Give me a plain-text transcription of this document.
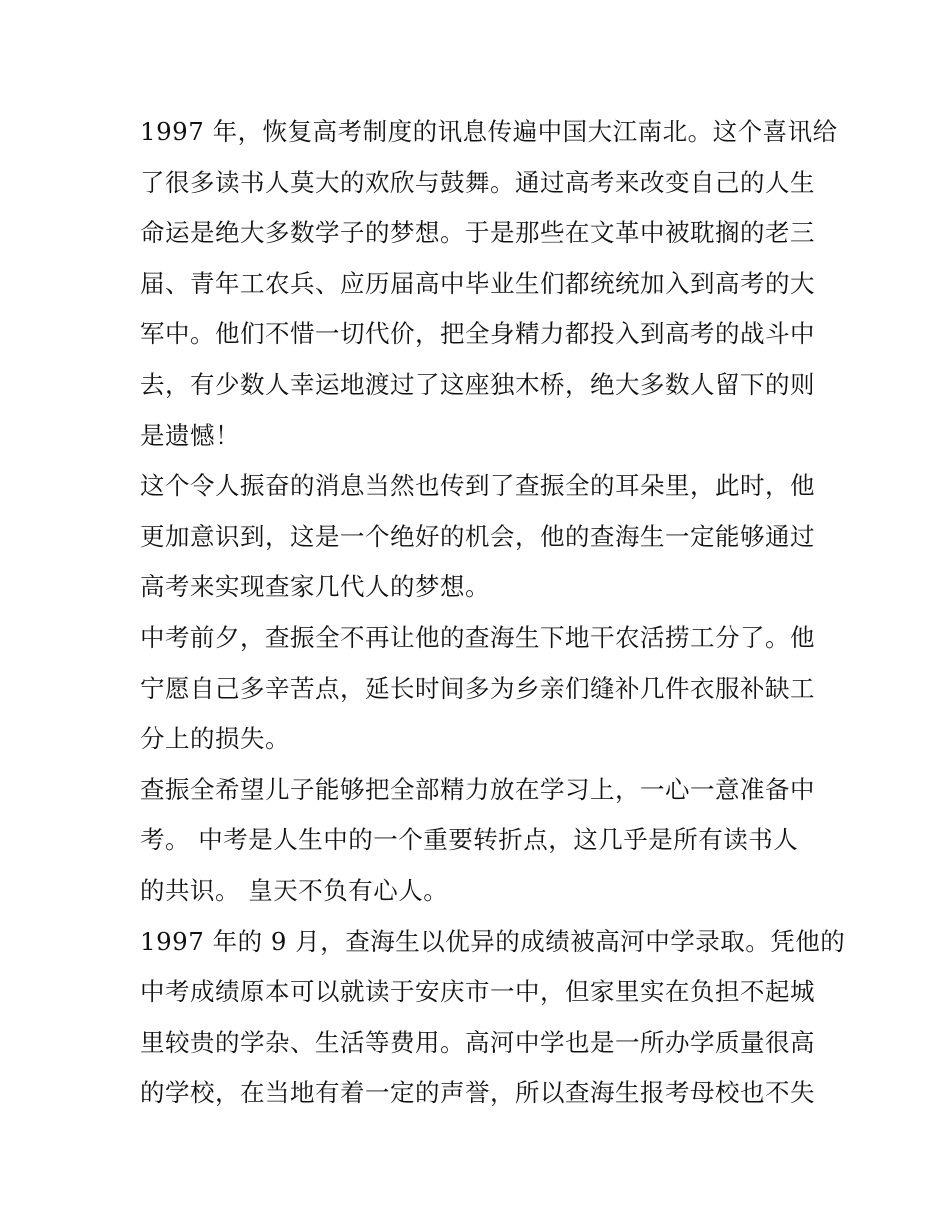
1997 年，恢复高考制度的讯息传遍中国大江南北。这个喜讯给
了很多读书人莫大的欢欣与鼓舞。通过高考来改变自己的人生
命运是绝大多数学子的梦想。于是那些在文革中被耽搁的老三
届、青年工农兵、应历届高中毕业生们都统统加入到高考的大
军中。他们不惜一切代价，把全身精力都投入到高考的战斗中
去，有少数人幸运地渡过了这座独木桥，绝大多数人留下的则
是遗憾！
这个令人振奋的消息当然也传到了查振全的耳朵里，此时，他
更加意识到，这是一个绝好的机会，他的查海生一定能够通过
高考来实现查家几代人的梦想。
中考前夕，查振全不再让他的查海生下地干农活捞工分了。他
宁愿自己多辛苦点，延长时间多为乡亲们缝补几件衣服补缺工
分上的损失。
查振全希望儿子能够把全部精力放在学习上，一心一意准备中
考。 中考是人生中的一个重要转折点，这几乎是所有读书人
的共识。 皇天不负有心人。
1997 年的 9 月，查海生以优异的成绩被高河中学录取。凭他的
中考成绩原本可以就读于安庆市一中，但家里实在负担不起城
里较贵的学杂、生活等费用。高河中学也是一所办学质量很高
的学校，在当地有着一定的声誉，所以查海生报考母校也不失
